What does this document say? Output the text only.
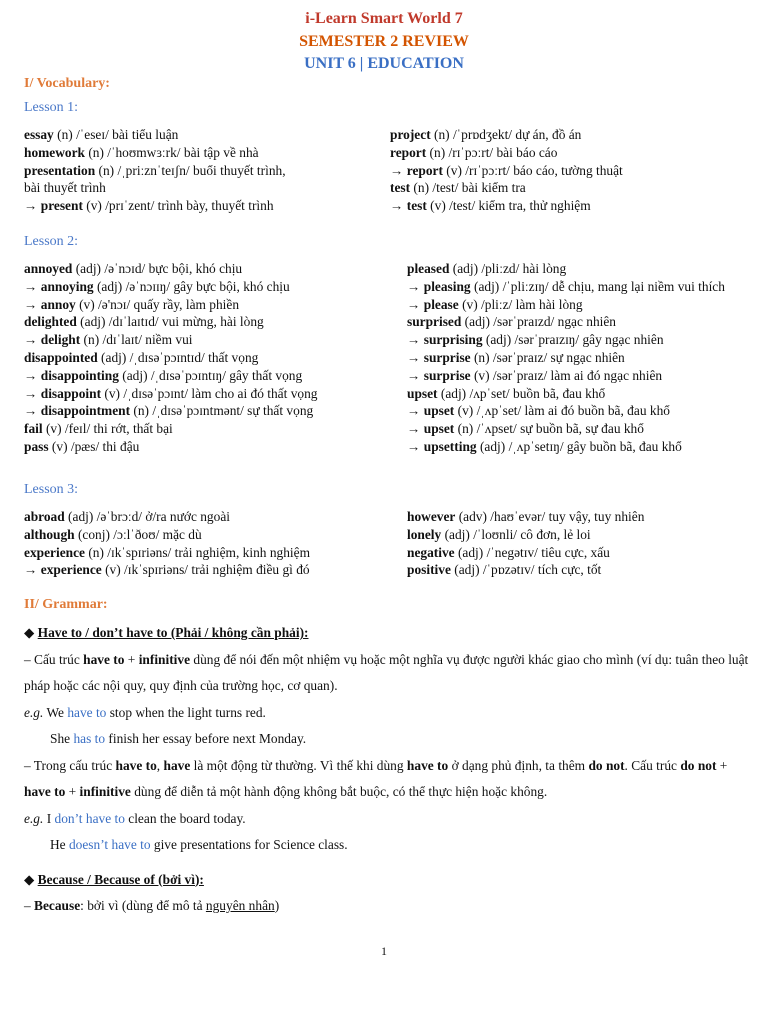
i-Learn Smart World 7
SEMESTER 2 REVIEW
UNIT 6 | EDUCATION
I/ Vocabulary:
Lesson 1:
essay (n) /ˈeseɪ/ bài tiểu luận
homework (n) /ˈhoʊmwɜːrk/ bài tập về nhà
presentation (n) /ˌpriːznˈteɪʃn/ buổi thuyết trình,
bài thuyết trình
→ present (v) /prɪˈzent/ trình bày, thuyết trình
project (n) /ˈprɒdʒekt/ dự án, đồ án
report (n) /rɪˈpɔːrt/ bài báo cáo
→ report (v) /rɪˈpɔːrt/ báo cáo, tường thuật
test (n) /test/ bài kiểm tra
→ test (v) /test/ kiểm tra, thử nghiệm
Lesson 2:
annoyed (adj) /əˈnɔɪd/ bực bội, khó chịu
→ annoying (adj) /əˈnɔɪɪŋ/ gây bực bội, khó chịu
→ annoy (v) /ə'nɔɪ/ quấy rầy, làm phiền
delighted (adj) /dɪˈlaɪtɪd/ vui mừng, hài lòng
→ delight (n) /dɪˈlaɪt/ niềm vui
disappointed (adj) /ˌdɪsəˈpɔɪntɪd/ thất vọng
→ disappointing (adj) /ˌdɪsəˈpɔɪntɪŋ/ gây thất vọng
→ disappoint (v) /ˌdɪsəˈpɔɪnt/ làm cho ai đó thất vọng
→ disappointment (n) /ˌdɪsəˈpɔɪntmənt/ sự thất vọng
fail (v) /feɪl/ thi rớt, thất bại
pass (v) /pæs/ thi đậu
pleased (adj) /pliːzd/ hài lòng
→ pleasing (adj) /ˈpliːzɪŋ/ dễ chịu, mang lại niềm vui thích
→ please (v) /pliːz/ làm hài lòng
surprised (adj) /sərˈpraɪzd/ ngạc nhiên
→ surprising (adj) /sərˈpraɪzɪŋ/ gây ngạc nhiên
→ surprise (n) /sərˈpraɪz/ sự ngạc nhiên
→ surprise (v) /sərˈpraɪz/ làm ai đó ngạc nhiên
upset (adj) /ʌpˈset/ buồn bã, đau khổ
→ upset (v) /ˌʌpˈset/ làm ai đó buồn bã, đau khổ
→ upset (n) /ˈʌpset/ sự buồn bã, sự đau khổ
→ upsetting (adj) /ˌʌpˈsetɪŋ/ gây buồn bã, đau khổ
Lesson 3:
abroad (adj) /əˈbrɔːd/ ở/ra nước ngoài
although (conj) /ɔːlˈðoʊ/ mặc dù
experience (n) /ɪkˈspɪriəns/ trải nghiệm, kinh nghiệm
→ experience (v) /ɪkˈspɪriəns/ trải nghiệm điều gì đó
however (adv) /haʊˈevər/ tuy vậy, tuy nhiên
lonely (adj) /ˈloʊnli/ cô đơn, lẻ loi
negative (adj) /ˈnegətɪv/ tiêu cực, xấu
positive (adj) /ˈpɒzətɪv/ tích cực, tốt
II/ Grammar:
◆ Have to / don’t have to (Phải / không cần phải):
– Cấu trúc have to + infinitive dùng để nói đến một nhiệm vụ hoặc một nghĩa vụ được người khác giao cho mình (ví dụ: tuân theo luật pháp hoặc các nội quy, quy định của trường học, cơ quan).
e.g. We have to stop when the light turns red.
She has to finish her essay before next Monday.
– Trong cấu trúc have to, have là một động từ thường. Vì thế khi dùng have to ở dạng phủ định, ta thêm do not. Cấu trúc do not + have to + infinitive dùng để diễn tả một hành động không bắt buộc, có thể thực hiện hoặc không.
e.g. I don’t have to clean the board today.
He doesn’t have to give presentations for Science class.
◆ Because / Because of (bởi vì):
– Because: bởi vì (dùng để mô tả nguyên nhân)
1
